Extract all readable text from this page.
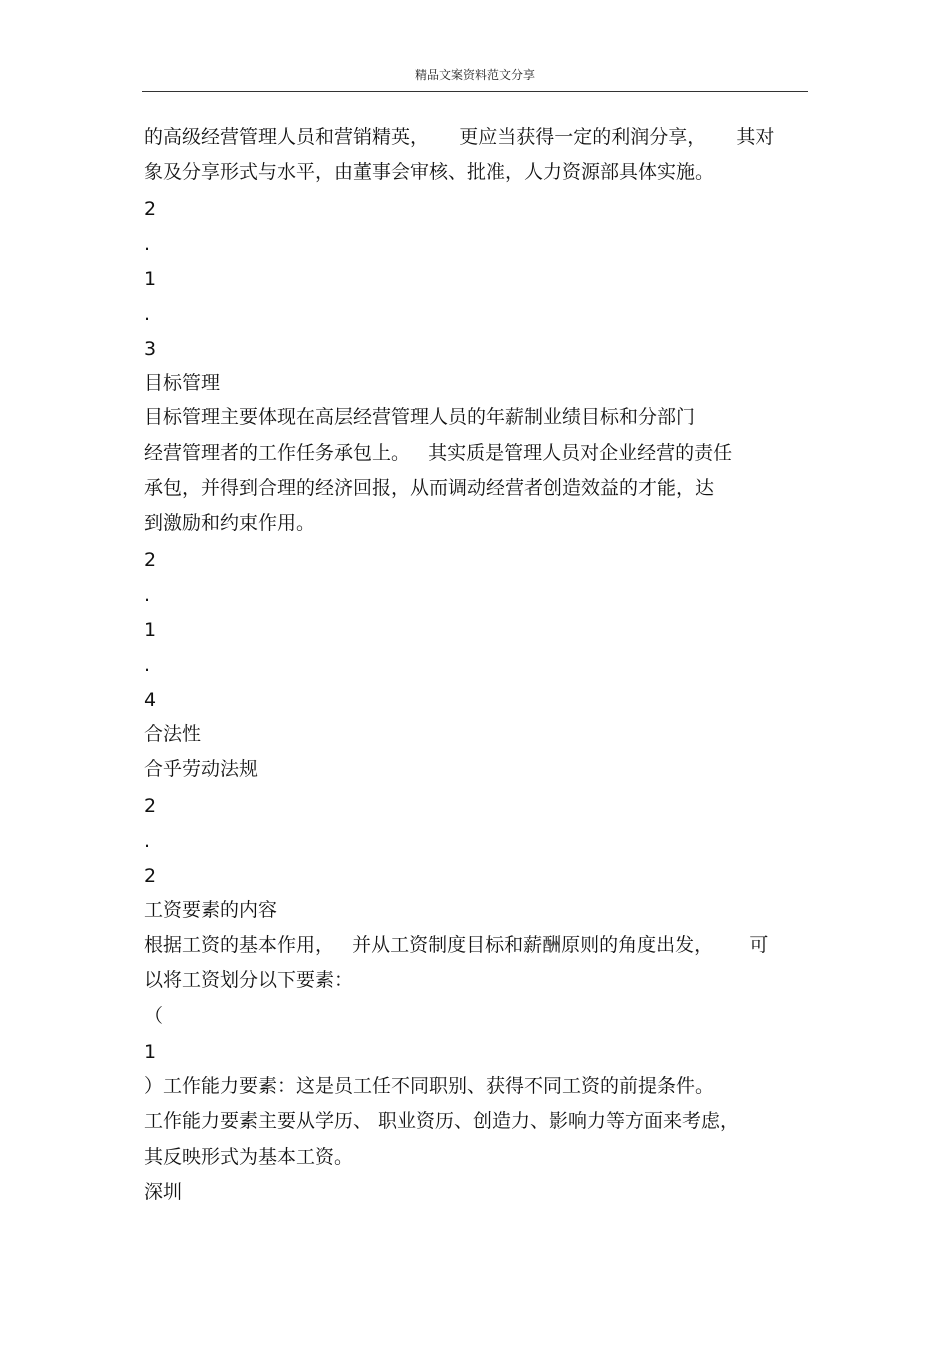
精品文案资料范文分享
的高级经营管理人员和营销精英，     更应当获得一定的利润分享，     其对
象及分享形式与水平，由董事会审核、批准，人力资源部具体实施。
2
.
1
.
3
目标管理
目标管理主要体现在高层经营管理人员的年薪制业绩目标和分部门
经营管理者的工作任务承包上。   其实质是管理人员对企业经营的责任
承包，并得到合理的经济回报，从而调动经营者创造效益的才能，达
到激励和约束作用。
2
.
1
.
4
合法性
合乎劳动法规
2
.
2
工资要素的内容
根据工资的基本作用，   并从工资制度目标和薪酬原则的角度出发，      可
以将工资划分以下要素：
（
1
）工作能力要素：这是员工任不同职别、获得不同工资的前提条件。
工作能力要素主要从学历、 职业资历、创造力、影响力等方面来考虑，
其反映形式为基本工资。
深圳
